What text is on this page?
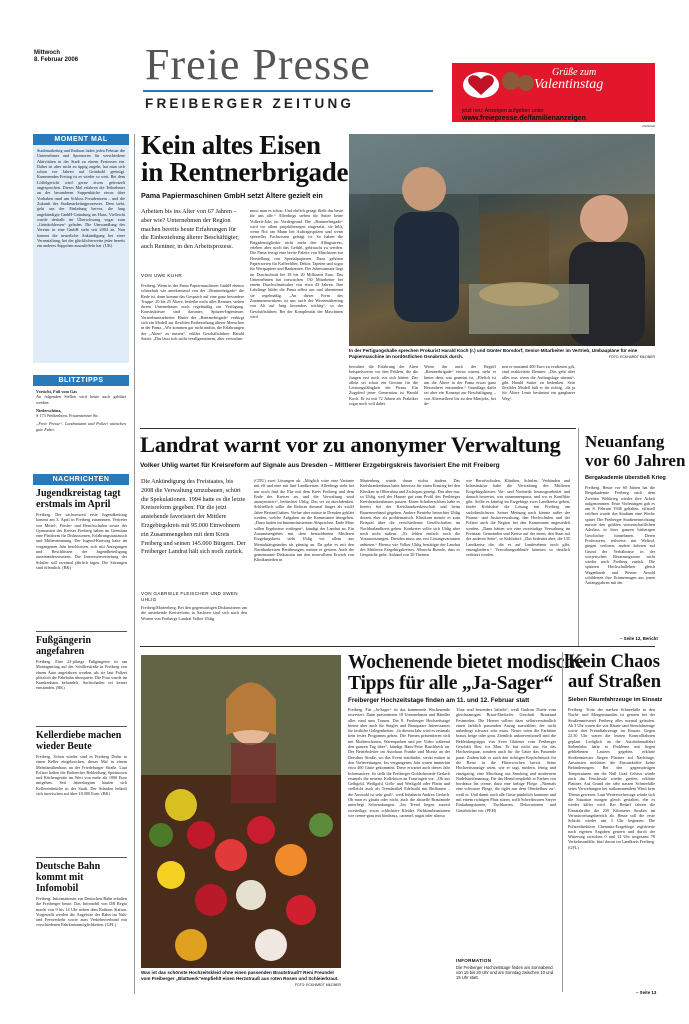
Mittwoch
8. Februar 2006 Freie Presse
FREIBERGER ZEITUNG
Grüße zum
Valentinstag
jetzt neu: Anzeigen aufgeben unter
www.freiepresse.de/familienanzeigen
ANZEIGE
MOMENT MAL
Stadtmarketing und Rathaus laden jeden Februar die Unternehmer und Sponsoren für verschiedene Aktivitäten in der Stadt zu einem Festessen ein. Dabei ist aber nicht zu üppig zugeht, hat man sich schon vor Jahren auf Grünkohl geeinigt. Kommenden Freitag ist es wieder so weit. Bei dem Löffelgericht wird gerne etwas gefrotzelt angesprochen. Dieses Mal erfahren die Teilnehmer an der besonderen Suppenküche etwas über Vorhaben rund um Schloss Freudenstein – und die Zukunft des Stadtmarketingprozesses. Dem steht, geht aus der Einladung hervor, die lang angekündigte GmbH-Gründung ins Haus. Vielleicht wurde deshalb im Überschwang sogar zum „Grünkohlessen“ geladen. Die Umwandlung des Vereins in eine GmbH steht seit 2004 an. Nun kommt die neuerliche Ankündigung bei einer Veranstaltung, bei der glücklicherweise jeder bereits ein anderes Süppchen auszulöffeln hat. (UK)
BLITZTIPPS
Vorsicht, Fuß vom Gas
An folgenden Stellen wird heute auch geblitzt werden:
Niederschöna,
S 173 Weißenborn, Frauensteiner Str.
„Freie Presse“, Landratsamt und Polizei wünschen gute Fahrt.
NACHRICHTEN
Jugendkreistag tagt erstmals im April
Freiberg. Der sachsenweit erste Jugendkreistag kommt am 3. April in Freiberg zusammen. Vertreter von Mittel-, Förder- und Berufsschulen sowie der Gymnasien des Kreises Freiberg haben im Gremium eine Plattform für Diskussionen, Erfahrungsaustausch und Mitbestimmung. Der Jugend-Kreistag hatte im vergangenen Jahr beschlossen, sich mit Anregungen und Beschlüssen der Jugendbeteiligung auseinanderzusetzen. Die Interessenvertretung der Schüler soll zweimal jährlich tagen. Die Sitzungen sind öffentlich. (BK)
Fußgängerin angefahren
Freiberg. Eine 22-jährige Fußgängerin ist am Montagmittag auf der Schillerstraße in Freiberg von einem Auto angefahren worden, als sie laut Polizei plötzlich die Fahrbahn überquerte. Die Frau wurde im Krankenhaus behandelt. Sachschaden sei keiner entstanden. (BK)
Kellerdiebe machen wieder Beute
Freiberg. Schon wieder sind in Freiberg Diebe in einen Keller eingebrochen, dieses Mal in einem Mehrfamilienhaus an der Friedeburger Straße. Laut Polizei ließen die Einbrecher Bekleidung, Spirituosen und Küchengeräte im Wert von mehr als 1000 Euro mitgehen. Seit Jahresbeginn häufen sich Kellereinbrüche in der Stadt. Der Schaden beläuft sich inzwischen auf über 18.000 Euro. (BK)
Deutsche Bahn kommt mit Infomobil
Freiberg. Informationen zur Deutschen Bahn erhalten die Freiberger heute. Das Infomobil von DB Regio macht von 9 bis 14 Uhr neben dem Rathaus Station. Vorgestellt werden die Angebote der Bahn im Nah- und Fernverkehr sowie zum Verkehrsverbund mit verschiedenen Fahrkartenmöglichkeiten. (GFL)
Kein altes Eisen
in Rentnerbrigade
Pama Papiermaschinen GmbH setzt Ältere gezielt ein
Arbeiten bis ins Alter von 67 Jahren – aber wie? Unternehmen der Region machen bereits heute Erfahrungen für die Einbeziehung älterer Beschäftigter, auch Rentner, in den Arbeitsprozess.
VON UWE KUHR
Freiberg. Wenn in der Pama Papiermaschinen GmbH ebenso scherzhaft wie anerkennend von der „Rentnerbrigade“ die Rede ist, dann kommt das Gespräch auf eine ganz besondere Truppe. 20 bis 25 Ältere, beileibe nicht alles Rentner, stehen ihrem Unternehmen noch regelmäßig zur Verfügung. Konstrukteure sind darunter, Spitzen-Ingenieure, Vertriebsmitarbeiter. Hinter der „Rentnerbrigade“ verbirgt sich ein Modell zur flexiblen Einbeziehung älterer Menschen in der Pama. „Wir kommen gar nicht umhin, die Erfahrungen der „Alten“ zu nutzen“, erklärt Geschäftsführer Harald Sutter. „Das lässt sich nicht verallgemeinern, aber versuchen
muss man es schon. Und ehrlich gesagt fließt das beste für uns alle.“ Allerdings stehen für Sutter keine Vollzeit-Jobs im Vordergrund. Die „Rentnerbrigade“ wird vor allem projektbezogen eingesetzt, sie hilft, wenn Not am Mann bei Auftragsspitzen und wenn spezielles Fachwissen gefragt ist. So haben die Brigademitglieder nicht mehr den Alltagsstress, erleben aber noch das Gefühl, gebraucht zu werden. Die Pama fertigt eine breite Palette von Maschinen zur Herstellung von Spezialpapieren. Dazu gehören Papiersorten für Kaffeefilter, Dekor, Tapeten und sogar für Wertpapiere und Banknoten. Der Jahresumsatz liegt im Durchschnitt bei 18 bis 20 Millionen Euro. Das Unternehmen hat inzwischen 130 Mitarbeiter bei einem Durchschnittsalter von etwa 43 Jahren. Ihre Lehrlinge bildet die Pama selbst aus und übernimmt sie regelmäßig. „An dieser Form des Zusammenwirkens ist uns auch der Wissensübertrag von Alt auf Jung besonders wichtig“, so der Geschäftsführer. Bei der Komplexität der Maschinen wird
In der Fertigungshalle sprechen Prokurist Harald Koch (r.) und Günter Borsdorf, Senior-Mitarbeiter im Vertrieb, Umbaupläne für eine Papiermaschine im nordöstlichen Osnabrück durch.	FOTO: ECKHARDT MILDNER
bewahrte die Erfahrung der Alten beispielsweise vor den Fehlern, die die Jungen erst noch vor sich hätten. Das allein sei schon ein Gewinn für die Leistungsfähigkeit der Firma. Ein Zugpferd jener Generation ist Harald Koch. Er ist mit 72 Jahren als Praktiker sogar noch voll dabei.
Wenn ihn auch der Begriff „Rentnerbrigade“ etwas wurmt, sieht er hinter dem, was gemeint ist, „Ehrlich ist um die Ältere in der Pama etwas ganz Besonderes entstanden.“ Grundlage dafür sei aber ein Konzept zur Beschäftigung – von Altersteilzeit bis zu den Minijobs, bei de-
nen er maximal 400 Euro zu verdienen gilt, sind reaktivierte Rentner. „Das geht aber alles nur, wenn die Auftragslage stimmt“, gibt Harald Sutter zu bedenken. Sein flexibles Modell hält er für richtig, „da ja für Ältere Leute bestimmt ein gangbarer Weg“.
Landrat warnt vor zu anonymer Verwaltung
Volker Uhlig wartet für Kreisreform auf Signale aus Dresden – Mittlerer Erzgebirgskreis favorisiert Ehe mit Freiberg
Die Ankündigung des Freistaates, bis 2008 die Verwaltung umzubauen, schürt die Spekulationen. 1994 hatte es die letzte Kreisreform gegeben. Für die jetzt anstehende favorisiert der Mittlere Erzgebirgskreis mit 95.000 Einwohnern ein Zusammengehen mit dem Kreis Freiberg und seinen 145.000 Bürgern. Der Freiberger Landrat hält sich noch zurück.
VON GABRIELE FLEISCHER UND SWEN UHLIG
Freiberg/Marienberg. Bei den gegenwärtigen Diskussionen um die anstehende Kreisreform in Sachsen sind sich nach den Worten von Freibergs Landrat Volker Uhlig
(CDU) zwei Lösungen ab. „Möglich wäre eine Variante mit elf und eine mit fünf Landkreisen. Allerdings steht bei nur noch fünf die Ehe mit dem Kreis Freiberg und dem Ende des Kreises an, und die Verwaltung wird anonymisiert“, befürchtet Uhlig. Das sei zu durchdenken. Schließlich sollte die Reform diesmal länger als zwölf Jahre Bestand haben. Vorher aber müsse in Dresden geklärt werden, welche Aufgaben an die Kommunen übergehen. „Dazu laufen im Innenministerium Absprachen. Ende März sollen Ergebnisse vorliegen“, kündigt der Landrat an. Ein Zusammengehen mit dem benachbarten Mittleren Erzgebirgskreis sieht Uhlig vor allem aus Mentalitätsgründen als günstig an. Da gebe es mit den Nachbarkreisen Berührungen, meinte er gestern. Auch die gemeinsame Diskussion um den sinnvollsten Erwerb von Klinikanteilen in
Marienberg würde daran nichts ändern. Das Kreiskrankenhaus hatte Interesse für einen Einstieg bei den Kliniken in Olbernhau und Zschopau gezeigt. Das aber nur, so Uhlig, weil der Hauser gut zum Profil des Freiberger Kreiskrankenhauses passen. Einen Schulterschluss habe es bereits bei der Kreishandwerkerschaft und beim Bauernverband gegeben. Andere Betriebe betrachtet Uhlig derzeit eher als problematisch. Klinikum meinte es zum Beispiel über die verschiedenen Gesellschaften im Nachbarlandkreis geben. Konkreter sollte sich Uhlig aber noch nicht äußern. „Es fehlen einfach noch die Voraussetzungen. Dresden muss uns erst Lösungsvarianten anbieten.“ Ebenso wie Volker Uhlig bestätigte der Landrat des Mittleren Erzgebirgskreises, Albrecht Buttolo, dass es Gespräche gebe. Anhand von 30 Themen
wie Berufsschulen, Kliniken, Schulen, Verbänden und Infrastruktur habe die Verwaltung des Mittleren Erzgebirgskreises Vor- und Nachteile herausgearbeitet und danach bewertet, was zusammenpasst, und wo es Konflikte gibt. Sollte es künftig im Erzgebirge zwei Landkreise geben, findet Kohlsdorf die Lösung mit Freiberg am sachdienlichsten. Seiner Meinung nach könnte außer der Finanz- und Justizverwaltung, den Hochschulen und der Polizei auch die Region bei den Kommunen angesiedelt werden. „Dann hätten wir eine zweistufige Verwaltung im Freistaat: Gemeinden und Kreise auf der einen, den Staat auf der anderen Seite“, so Kohlsdorf. „Das bedeutet aber, die 135 Landkreise die, die es auf Landesebene noch gibt, einzugliedern.“ Verwaltungsabläufe könnten so deutlich verkürzt werden.
Neuanfang
vor 60 Jahren
Bergakademie überstieß Krieg
Freiberg. Heute vor 60 Jahren hat die Bergakademie Freiberg nach dem Zweiten Weltkrieg wieder ihre Arbeit aufgenommen. Erste Vorlesungen gab es am 8. Februar 1946 gehalten, offiziell eröffnet wurde das Studium eine Woche später. Die Freiberger Studieneinrichtung musste den größten wissenschaftlichen Aderlass in ihrer ganzen bisherigen Geschichte hinnehmen. Deren Professoren, teilweise mit Weltruf, gingen verloren, andere kehrten auf Grund der Verhältnisse in der sowjetischen Besatzungszone nicht wieder nach Freiberg zurück. Die späteren Hochschullehrer gleich Wagenbreth und Werner Arnold schilderten ihre Erinnerungen aus jenen Anfangsjahren mit der
– Seite 12, Bericht
Was ist das schönste Hochzeitskleid ohne einen passenden Brautstrauß? Reni Freundel vom Freiberger „Blattwerk“empfiehlt einen Herzstrauß aus roten Rosen und Schleierkraut.
FOTO: ECKHARDT MILDNER
Wochenende bietet modische
Tipps für alle „Ja-Sager“
Freiberger Hochzeitstage finden am 11. und 12. Februar statt
Freiberg. Für „Ja-Sager“ ist das kommende Wochenende reserviert. Dann präsentieren 18 Unternehmen und Händler alles rund ums Trauen. Die 8. Freiberger Hochzeitstage bieten aber auch für Singles und Brautpaare Interessantes für festliche Gelegenheiten. „In diesem Jahr wird es erstmals kein festes Programm geben. Die Firmen präsentieren sich mit Modenschauen, Warenproben und per Video während den ganzen Tag über“, kündigt Hans-Peter Buschbeck an. Der Betriebsleiter im Autohaus Franke und Moritz an der Dresdner Straße, wo das Event stattfindet, steckt mitten in den Vorbereitungen. Im vergangenen Jahr waren immerhin etwa 400 Gäste gekommen. Diese erwartet auch dieses Jahr Informatives. So stellt die Freiberger Goldschmiede Gerlach erstmals die neueste Kollektion an Trauringen vor. „Ob aus Gelbgold, Weißgold, Gelb- und Weißgold oder Platin und vielleicht auch als Trendartikel Edelstahl mit Brillanten – die Auswahl ist sehr groß“, weiß Inhaberin Andrea Gerlach. Ob man es glaubt oder nicht, auch die aktuelle Brautmode unterliegt Schwankungen. „Im Trend liegen zurzeit zweiteilige, etwas schlichtere Kleider. Farbkombinationen wie creme-grau mit bordeaux, caramel, nugat oder altrosa
Töne sind besonders beliebt“, weiß Gudrun Thiele vom gleichnamigen Braut-Ehrdorfer Geschäft Brautund Festmoden. Die Herren sollten dazu selbstverständlich einen farblich passenden Anzug auswählen, der nicht unbedingt schwarz sein muss. Neuer seien die Farbtöne braun, beige oder grau. Ziemlich unkonventionell sind die Bekleidungstipps von Sven Glätzner vom Freiberger Geschäft Best for Man. Er hat nicht nur für das Hochzeitspaar, sondern auch für die Gäste das Passende parat. Zudem hält er auch den richtigen Kopfschmuck für die Reise in die Flitterwochen bereit. Seine Hochzeitsanzüge seien, wie er sagt, modern, feinig und einzigartig, eine Mischung aus Smoking und modernem Nadelstreifenanzug. Für das Hemd empfiehlt er Farben von bordeaux bis creme, dazu eine farbige Fliege. „Niemals eine schwarze Fliege, die tiglet nur dem Oberkellner zu“, weiß er. Und damit auch alle Gäste pünktlich kommen und mit einem richtigen Platz sitzen, stellt Schreibwaren Steyer Einladungskarten, Tischkarten, Dekorationen und Gästebücher vor. (PEH)
INFORMATION
Die Freiberger Hochzeitstage finden am Sonnabend von 15 bis 20 Uhr und am Sonntag zwischen 10 und 15 Uhr statt.
Kein Chaos
auf Straßen
Sieben Räumfahrzeuge im Einsatz
Freiberg. Trotz der starken Schneefälle in den Nacht- und Morgenstunden ist gestern bei der Straßenmeisterei Freiberg alles normal gelaufen. Ab 3 Uhr waren die vier Räum- und Streufahrzeuge sowie drei Fremdfahrzeuge im Einsatz. Gegen 22.30 Uhr waren die letzten Kontrollfahrten geplant. Lediglich an der Autobahnauffahrt Siebenlehn hätte es Probleme mit liegen gebliebenen Lastern gegeben, erklärte Straßenmeister Jürgen Plattner auf Nachfrage. Ansonsten meldeten die Einsatzkräfte keine Behinderungen. Bei den gegenwärtigen Temperaturen um die Null Grad Celsius würde auch das Feuchtsalz wieder greifen, erklärte Plattner. Auf Grund der sehr nassen Schneefälle seien Verwehungen bei aufkommendem Wind kein Thema gewesen. Laut Wettervorhersage würde sich die Situation morgen gleich gestalten, ehe es wieder kälter wird. Bei Bedarf fahren die Einsatzkräfte die 250 Kilometer Straßen im Verantwortungsbereich ab. Heute soll die erste Schicht wieder um 3 Uhr beginnen. Die Polizeidirektion Chemnitz-Erzgebirge registrierte nach eigenen Angaben gestern und durch der Witterung zwischen 0 und 14 Uhr insgesamt 78 Verkehrsunfälle, fünf davon im Landkreis Freiberg. (GFL)
– Seite 13
